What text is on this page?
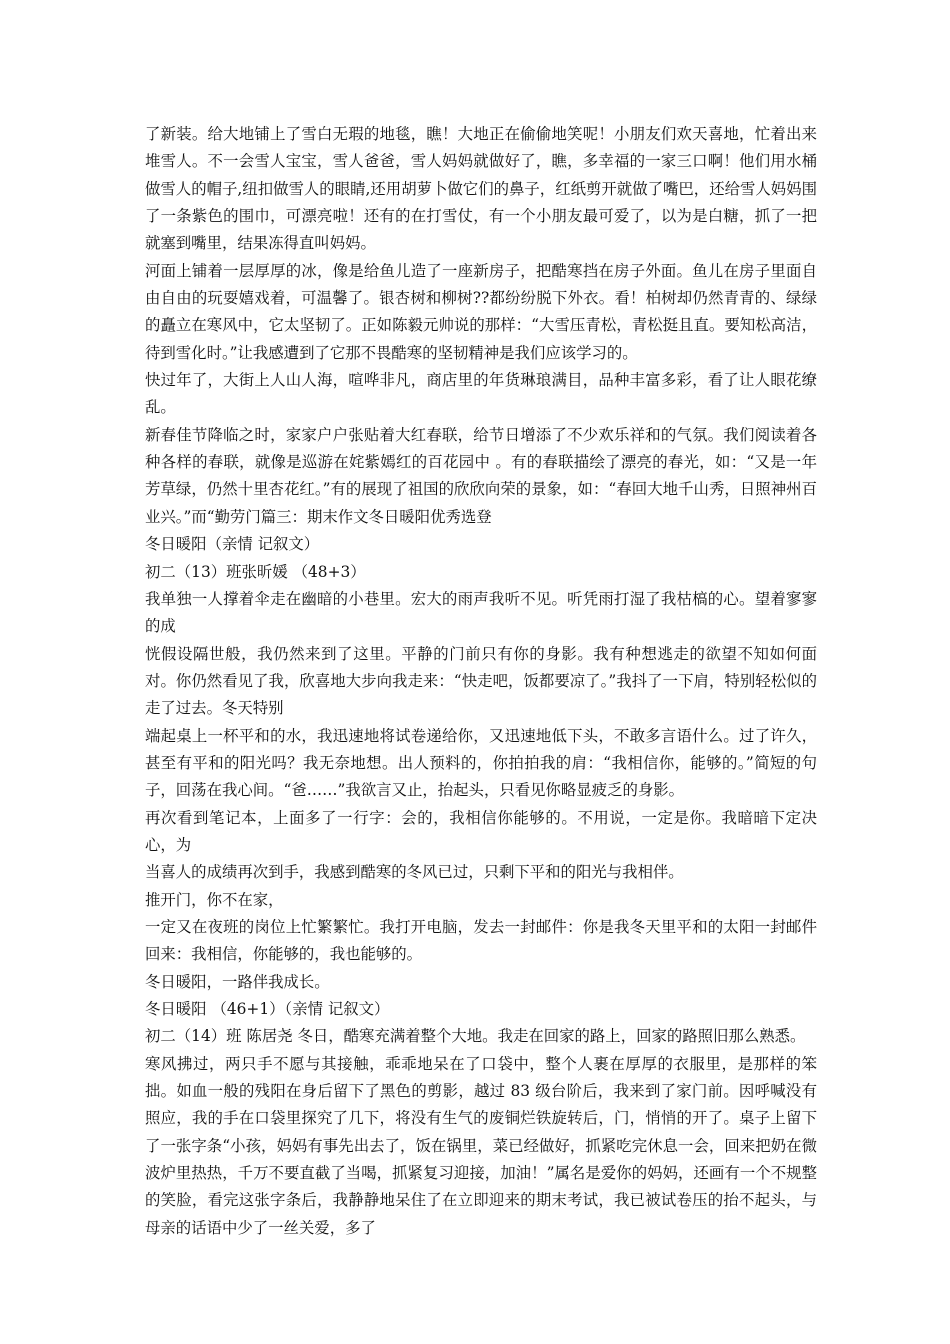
了新装。给大地铺上了雪白无瑕的地毯，瞧！大地正在偷偷地笑呢！小朋友们欢天喜地，忙着出来堆雪人。不一会雪人宝宝，雪人爸爸，雪人妈妈就做好了，瞧，多幸福的一家三口啊！他们用水桶做雪人的帽子,纽扣做雪人的眼睛,还用胡萝卜做它们的鼻子，红纸剪开就做了嘴巴，还给雪人妈妈围了一条紫色的围巾，可漂亮啦！还有的在打雪仗，有一个小朋友最可爱了，以为是白糖，抓了一把就塞到嘴里，结果冻得直叫妈妈。

河面上铺着一层厚厚的冰，像是给鱼儿造了一座新房子，把酷寒挡在房子外面。鱼儿在房子里面自由自由的玩耍嬉戏着，可温馨了。银杏树和柳树??都纷纷脱下外衣。看！柏树却仍然青青的、绿绿的矗立在寒风中，它太坚韧了。正如陈毅元帅说的那样：“大雪压青松，青松挺且直。要知松高洁，待到雪化时。”让我感遭到了它那不畏酷寒的坚韧精神是我们应该学习的。

快过年了，大街上人山人海，喧哗非凡，商店里的年货琳琅满目，品种丰富多彩，看了让人眼花缭乱。

新春佳节降临之时，家家户户张贴着大红春联，给节日增添了不少欢乐祥和的气氛。我们阅读着各种各样的春联，就像是巡游在姹紫嫣红的百花园中 。有的春联描绘了漂亮的春光，如：“又是一年芳草绿，仍然十里杏花红。”有的展现了祖国的欣欣向荣的景象，如：“春回大地千山秀，日照神州百业兴。”而“勤劳门篇三：期末作文冬日暖阳优秀选登

冬日暖阳（亲情 记叙文）

初二（13）班张昕媛 （48+3）

我单独一人撑着伞走在幽暗的小巷里。宏大的雨声我听不见。听凭雨打湿了我枯槁的心。望着寥寥的成

恍假设隔世般，我仍然来到了这里。平静的门前只有你的身影。我有种想逃走的欲望不知如何面对。你仍然看见了我，欣喜地大步向我走来：“快走吧，饭都要凉了。”我抖了一下肩，特别轻松似的走了过去。冬天特别

端起桌上一杯平和的水，我迅速地将试卷递给你，又迅速地低下头，不敢多言语什么。过了许久，甚至有平和的阳光吗？我无奈地想。出人预料的，你拍拍我的肩：“我相信你，能够的。”简短的句子，回荡在我心间。“爸……”我欲言又止，抬起头，只看见你略显疲乏的身影。

再次看到笔记本，上面多了一行字：会的，我相信你能够的。不用说，一定是你。我暗暗下定决心，为

当喜人的成绩再次到手，我感到酷寒的冬风已过，只剩下平和的阳光与我相伴。

推开门，你不在家，

一定又在夜班的岗位上忙繁繁忙。我打开电脑，发去一封邮件：你是我冬天里平和的太阳一封邮件回来：我相信，你能够的，我也能够的。

冬日暖阳，一路伴我成长。

冬日暖阳 （46+1）（亲情 记叙文）

初二（14）班 陈居尧 冬日，酷寒充满着整个大地。我走在回家的路上，回家的路照旧那么熟悉。

寒风拂过，两只手不愿与其接触，乖乖地呆在了口袋中，整个人裹在厚厚的衣服里，是那样的笨拙。如血一般的残阳在身后留下了黑色的剪影，越过 83 级台阶后，我来到了家门前。因呼喊没有照应，我的手在口袋里探究了几下，将没有生气的废铜烂铁旋转后，门，悄悄的开了。桌子上留下了一张字条“小孩，妈妈有事先出去了，饭在锅里，菜已经做好，抓紧吃完休息一会，回来把奶在微波炉里热热，千万不要直截了当喝，抓紧复习迎接，加油！”属名是爱你的妈妈，还画有一个不规整的笑脸，看完这张字条后，我静静地呆住了在立即迎来的期末考试，我已被试卷压的抬不起头，与母亲的话语中少了一丝关爱，多了
